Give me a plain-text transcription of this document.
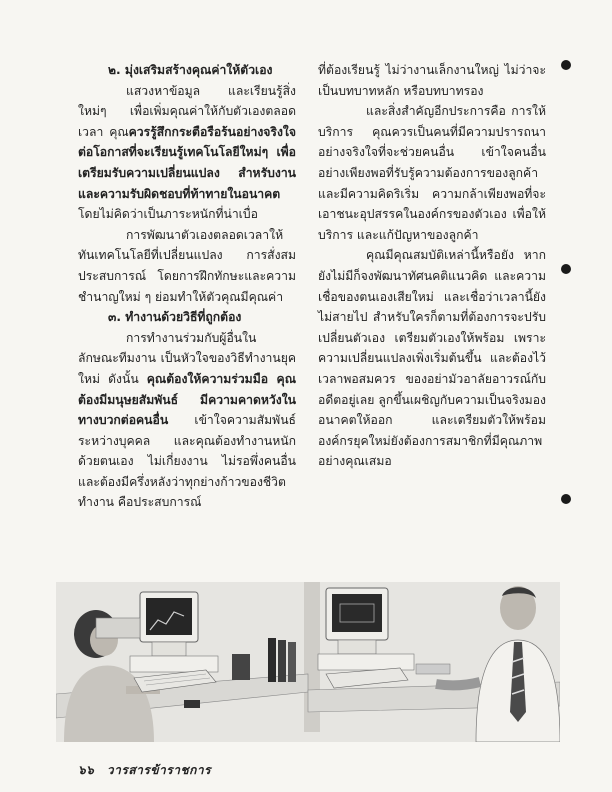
๒. มุ่งเสริมสร้างคุณค่าให้ตัวเอง

แสวงหาข้อมูล และเรียนรู้สิ่งใหม่ๆ เพื่อเพิ่มคุณค่าให้กับตัวเองตลอดเวลา คุณควรรู้สึกกระตือรือร้นอย่างจริงใจต่อโอกาสที่จะเรียนรู้เทคโนโลยีใหม่ๆ เพื่อเตรียมรับความเปลี่ยนแปลง สำหรับงานและความรับผิดชอบที่ท้าทายในอนาคต โดยไม่คิดว่าเป็นภาระหนักที่น่าเบื่อ

การพัฒนาตัวเองตลอดเวลาให้ทันเทคโนโลยีที่เปลี่ยนแปลง การสั่งสมประสบการณ์ โดยการฝึกทักษะและความชำนาญใหม่ ๆ ย่อมทำให้ตัวคุณมีคุณค่า

๓. ทำงานด้วยวิธีที่ถูกต้อง

การทำงานร่วมกับผู้อื่นในลักษณะทีมงาน เป็นหัวใจของวิธีทำงานยุคใหม่ ดังนั้น คุณต้องให้ความร่วมมือ คุณต้องมีมนุษยสัมพันธ์ มีความคาดหวังในทางบวกต่อคนอื่น เข้าใจความสัมพันธ์ระหว่างบุคคล และคุณต้องทำงานหนักด้วยตนเอง ไม่เกี่ยงงาน ไม่รอพึ่งคนอื่น และต้องมีครึ่งหลังว่าทุกย่างก้าวของชีวิตทำงาน คือประสบการณ์

ที่ต้องเรียนรู้ ไม่ว่างานเล็กงานใหญ่ ไม่ว่าจะเป็นบทบาทหลัก หรือบทบาทรอง

และสิ่งสำคัญอีกประการคือ การให้บริการ คุณควรเป็นคนที่มีความปรารถนาอย่างจริงใจที่จะช่วยคนอื่น เข้าใจคนอื่นอย่างเพียงพอที่รับรู้ความต้องการของลูกค้า และมีความคิดริเริ่ม ความกล้าเพียงพอที่จะเอาชนะอุปสรรคในองค์กรของตัวเอง เพื่อให้บริการ และแก้ปัญหาของลูกค้า

คุณมีคุณสมบัติเหล่านี้หรือยัง หากยังไม่มีก็จงพัฒนาทัศนคติแนวคิด และความเชื่อของตนเองเสียใหม่ และเชื่อว่าเวลานี้ยังไม่สายไป สำหรับใครก็ตามที่ต้องการจะปรับเปลี่ยนตัวเอง เตรียมตัวเองให้พร้อม เพราะความเปลี่ยนแปลงเพิ่งเริ่มต้นขึ้น และต้องไว้เวลาพอสมควร ของอย่ามัวอาลัยอาวรณ์กับอดีตอยู่เลย ลูกขึ้นเผชิญกับความเป็นจริงมองอนาคตให้ออก และเตรียมตัวให้พร้อมองค์กรยุคใหม่ยังต้องการสมาชิกที่มีคุณภาพอย่างคุณเสมอ

๖๖ วารสารข้าราชการ
